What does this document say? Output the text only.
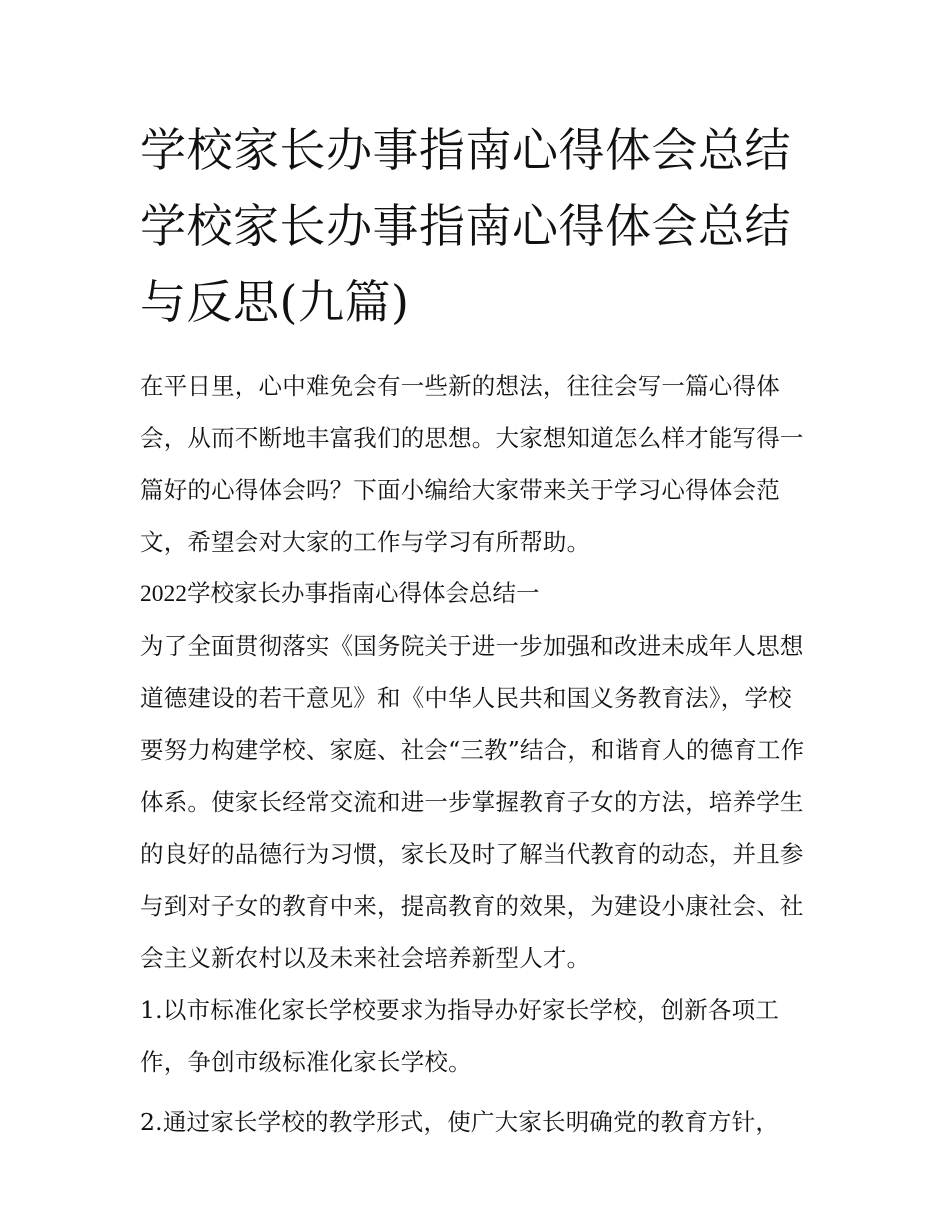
学校家长办事指南心得体会总结 学校家长办事指南心得体会总结与反思(九篇)

在平日里，心中难免会有一些新的想法，往往会写一篇心得体会，从而不断地丰富我们的思想。大家想知道怎么样才能写得一篇好的心得体会吗？下面小编给大家带来关于学习心得体会范文，希望会对大家的工作与学习有所帮助。

2022学校家长办事指南心得体会总结一

为了全面贯彻落实《国务院关于进一步加强和改进未成年人思想道德建设的若干意见》和《中华人民共和国义务教育法》，学校要努力构建学校、家庭、社会“三教”结合，和谐育人的德育工作体系。使家长经常交流和进一步掌握教育子女的方法，培养学生的良好的品德行为习惯，家长及时了解当代教育的动态，并且参与到对子女的教育中来，提高教育的效果，为建设小康社会、社会主义新农村以及未来社会培养新型人才。

1.以市标准化家长学校要求为指导办好家长学校，创新各项工作，争创市级标准化家长学校。

2.通过家长学校的教学形式，使广大家长明确党的教育方针，
